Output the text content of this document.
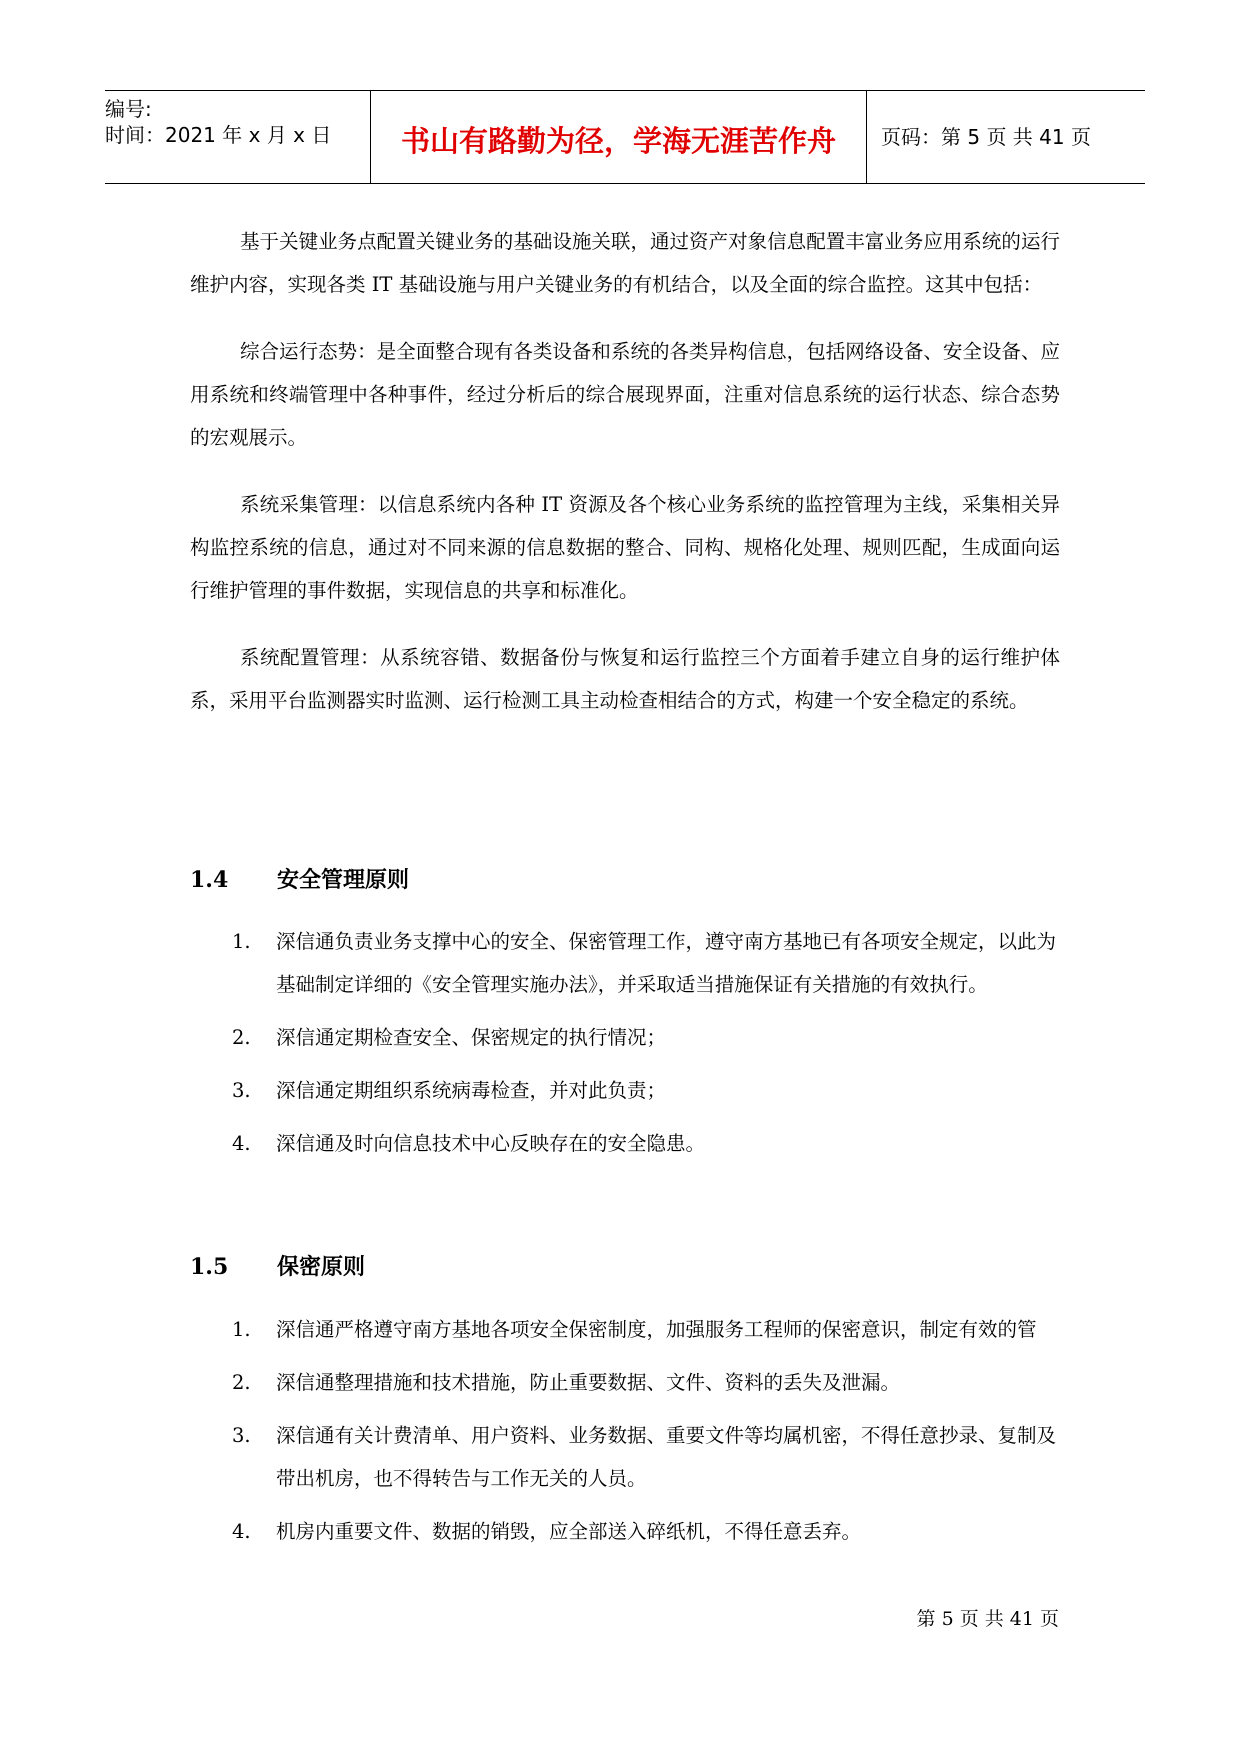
编号:
时间：2021 年 x 月 x 日	书山有路勤为径，学海无涯苦作舟	页码：第 5 页 共 41 页

基于关键业务点配置关键业务的基础设施关联，通过资产对象信息配置丰富业务应用系统的运行维护内容，实现各类 IT 基础设施与用户关键业务的有机结合，以及全面的综合监控。这其中包括：

综合运行态势：是全面整合现有各类设备和系统的各类异构信息，包括网络设备、安全设备、应用系统和终端管理中各种事件，经过分析后的综合展现界面，注重对信息系统的运行状态、综合态势的宏观展示。

系统采集管理：以信息系统内各种 IT 资源及各个核心业务系统的监控管理为主线，采集相关异构监控系统的信息，通过对不同来源的信息数据的整合、同构、规格化处理、规则匹配，生成面向运行维护管理的事件数据，实现信息的共享和标准化。

系统配置管理：从系统容错、数据备份与恢复和运行监控三个方面着手建立自身的运行维护体系，采用平台监测器实时监测、运行检测工具主动检查相结合的方式，构建一个安全稳定的系统。

1.4 安全管理原则
1. 深信通负责业务支撑中心的安全、保密管理工作，遵守南方基地已有各项安全规定，以此为基础制定详细的《安全管理实施办法》，并采取适当措施保证有关措施的有效执行。
2. 深信通定期检查安全、保密规定的执行情况；
3. 深信通定期组织系统病毒检查，并对此负责；
4. 深信通及时向信息技术中心反映存在的安全隐患。
1.5 保密原则
1. 深信通严格遵守南方基地各项安全保密制度，加强服务工程师的保密意识，制定有效的管
2. 深信通整理措施和技术措施，防止重要数据、文件、资料的丢失及泄漏。
3. 深信通有关计费清单、用户资料、业务数据、重要文件等均属机密，不得任意抄录、复制及带出机房，也不得转告与工作无关的人员。
4. 机房内重要文件、数据的销毁，应全部送入碎纸机，不得任意丢弃。
第 5 页 共 41 页
